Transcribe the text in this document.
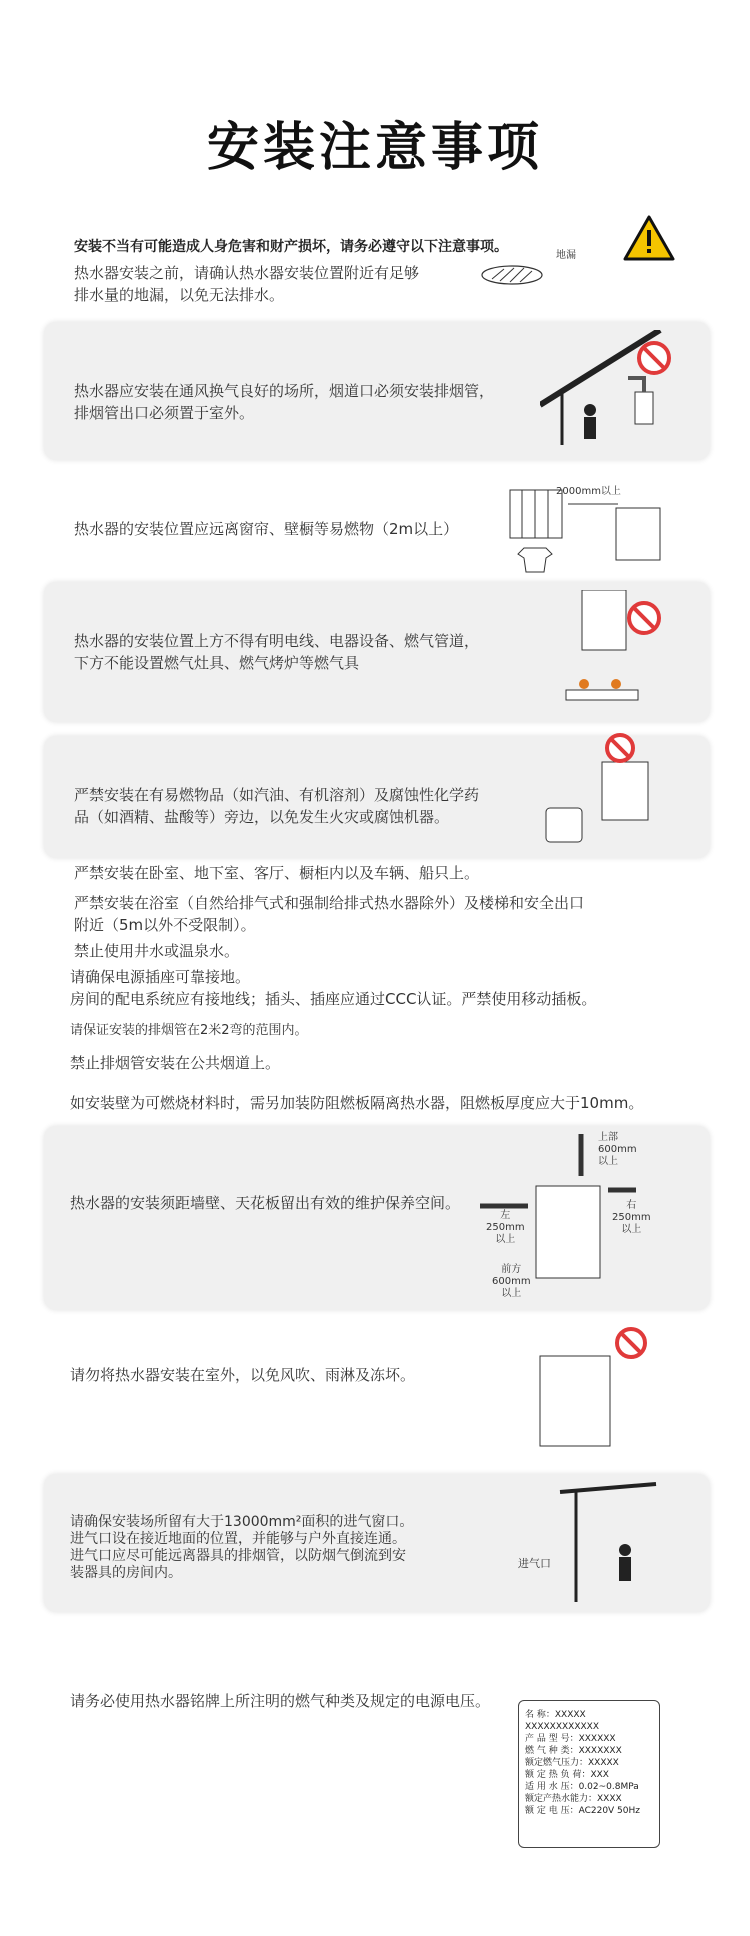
安装注意事项
安装不当有可能造成人身危害和财产损坏，请务必遵守以下注意事项。
热水器安装之前，请确认热水器安装位置附近有足够
排水量的地漏，以免无法排水。
地漏
热水器应安装在通风换气良好的场所，烟道口必须安装排烟管，
排烟管出口必须置于室外。
热水器的安装位置应远离窗帘、壁橱等易燃物（2m以上）
2000mm以上
热水器的安装位置上方不得有明电线、电器设备、燃气管道，
下方不能设置燃气灶具、燃气烤炉等燃气具
严禁安装在有易燃物品（如汽油、有机溶剂）及腐蚀性化学药
品（如酒精、盐酸等）旁边，以免发生火灾或腐蚀机器。
严禁安装在卧室、地下室、客厅、橱柜内以及车辆、船只上。
严禁安装在浴室（自然给排气式和强制给排式热水器除外）及楼梯和安全出口
附近（5m以外不受限制）。
禁止使用井水或温泉水。
请确保电源插座可靠接地。
房间的配电系统应有接地线；插头、插座应通过CCC认证。严禁使用移动插板。
请保证安装的排烟管在2米2弯的范围内。
禁止排烟管安装在公共烟道上。
如安装壁为可燃烧材料时，需另加装防阻燃板隔离热水器，阻燃板厚度应大于10mm。
热水器的安装须距墙壁、天花板留出有效的维护保养空间。
上部
600mm
以上
左
250mm
以上
右
250mm
以上
前方
600mm
以上
请勿将热水器安装在室外，以免风吹、雨淋及冻坏。
请确保安装场所留有大于13000mm²面积的进气窗口。
进气口设在接近地面的位置，并能够与户外直接连通。
进气口应尽可能远离器具的排烟管，以防烟气倒流到安
装器具的房间内。
进气口
请务必使用热水器铭牌上所注明的燃气种类及规定的电源电压。
名 称：XXXXX
XXXXXXXXXXXX
产 品 型 号：XXXXXX
燃 气 种 类：XXXXXXX
额定燃气压力：XXXXX
额 定 热 负 荷：XXX
适 用 水 压：0.02~0.8MPa
额定产热水能力：XXXX
额 定 电 压：AC220V 50Hz
